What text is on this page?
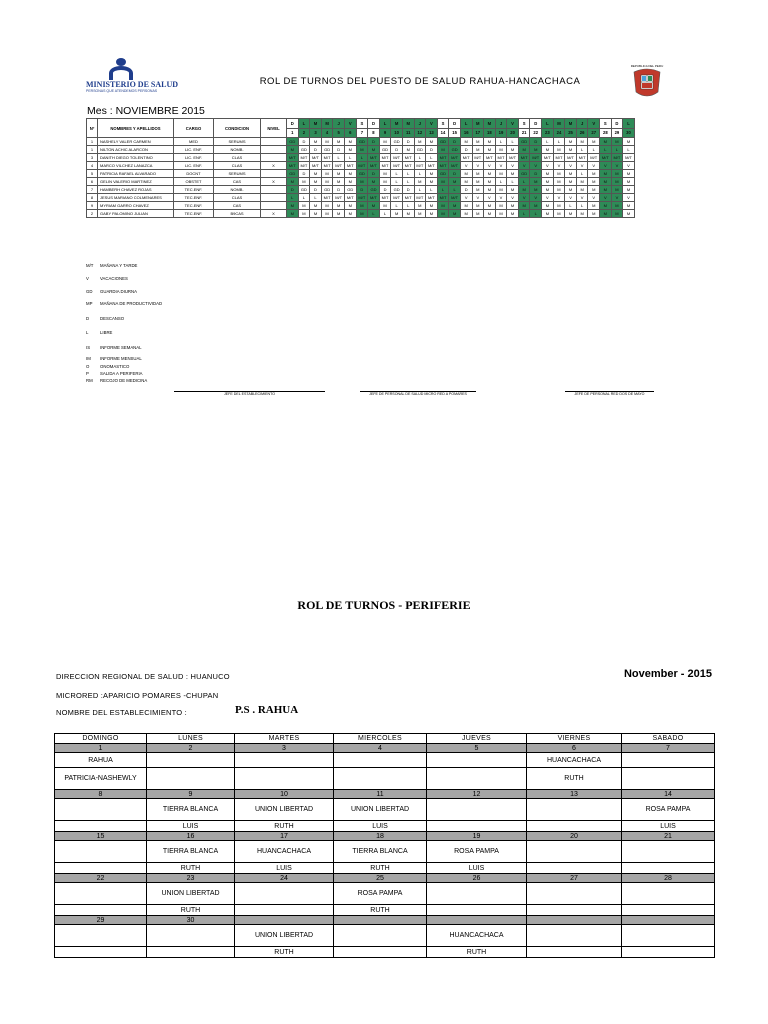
MINISTERIO DE SALUD
PERSONAS QUE ATENDEMOS PERSONAS
ROL DE TURNOS DEL PUESTO DE SALUD RAHUA-HANCACHACA
REPUBLICA DEL PERU
Mes : NOVIEMBRE 2015
Nº	NOMBRES Y APELLIDOS	CARGO	CONDICION	NIVEL	D	L	M	M	J	V	S	D	L	M	M	J	V	S	D	L	M	M	J	V	S	D	L	M	M	J	V	S	D	L
					1	2	3	4	5	6	7	8	9	10	11	12	13	14	15	16	17	18	19	20	21	22	23	24	25	26	27	28	29	30
1	NASHELY VALER CARMEN	MED	SERUMS		GD	D	M	M	M	M	GD	D	M	GD	D	M	M	GD	D	M	M	M	L	L	GD	D	L	L	M	M	M	M	M	M
1	NILTON ACHIC ALARCON	LIC. ENF.	NOMB.		M	GD	D	GD	D	M	M	M	GD	D	M	GD	D	M	GD	D	M	M	M	M	M	M	M	M	M	L	L	L	L	L
3	DANITH DIEGO TOLENTINO	LIC. ENF.	CLAS		M/T	M/T	M/T	M/T	L	L	L	M/T	M/T	M/T	M/T	L	L	M/T	M/T	M/T	M/T	M/T	M/T	M/T	M/T	M/T	M/T	M/T	M/T	M/T	M/T	M/T	M/T	M/T
4	MARCO VILCHEZ LANAZCA	LIC. ENF.	CLAS	X	M/T	M/T	M/T	M/T	M/T	M/T	M/T	M/T	M/T	M/T	M/T	M/T	M/T	M/T	M/T	V	V	V	V	V	V	V	V	V	V	V	V	V	V	V
5	PATRICIA RAFAEL ALVARADO	DOCNT	SERUMS		GD	D	M	M	M	M	GD	D	M	L	L	L	M	GD	D	M	M	M	M	M	GD	D	M	M	M	L	M	M	M	M
6	GELIN VALERIO MARTINEZ	OBSTET	CAS	X	M	M	M	M	M	M	M	M	M	L	L	M	M	M	M	M	M	M	L	L	L	M	M	M	M	M	M	M	M	M
7	HAMBERH CHAVEZ ROJAS	TEC.ENF.	NOMB.		D	GD	D	GD	D	GD	D	GD	D	GD	D	L	L	L	L	D	M	M	M	M	M	M	M	M	M	M	M	M	M	M
8	JESUS MARIANO COLMENARES	TEC.ENF.	CLAS		L	L	L	M/T	M/T	M/T	M/T	M/T	M/T	M/T	M/T	M/T	M/T	M/T	M/T	V	V	V	V	V	V	V	V	V	V	V	V	V	V	V
9	MYRIAM GARRO CHAVEZ	TEC.ENF.	CAS		M	M	M	M	M	M	M	M	M	L	L	M	M	M	M	M	M	M	M	M	M	M	M	M	L	L	M	M	M	M
2	GABY PALOMINO JULIAN	TEC.ENF.	B9CAS	X	M	M	M	M	M	M	M	L	L	M	M	M	M	M	M	M	M	M	M	M	L	L	M	M	M	M	M	M	M	M
M/T MAÑANA Y TARDE
V	VACACIONES
GD GUARDIA DIURNA
MP MAÑANA DE PRODUCTIVIDAD
D	DESCANSO
L	LIBRE
IS INFORME SEMANAL
IM INFORME MENSUAL
O ONOMASTICO
P	SALIDA A PERIFERIA
RM RECOJO DE MEDICINA
JEFE DEL ESTABLECIMIENTO	JEFE DE PERSONAL DE SALUD MICRO RED A POMARES	JEFE DE PERSONAL RED DOS DE MAYO
ROL DE TURNOS - PERIFERIE
DIRECCION REGIONAL DE SALUD : HUANUCO
MICRORED :APARICIO POMARES -CHUPAN
NOMBRE DEL ESTABLECIMIENTO :	P.S . RAHUA
November - 2015
DOMINGO	LUNES	MARTES	MIERCOLES	JUEVES	VIERNES	SABADO
1	2	3	4	5	6	7
RAHUA					HUANCACHACA	
PATRICIA-NASHEWLY					RUTH	
8	9	10	11	12	13	14
	TIERRA BLANCA	UNION LIBERTAD	UNION LIBERTAD			ROSA PAMPA
	LUIS	RUTH	LUIS			LUIS
15	16	17	18	19	20	21
	TIERRA BLANCA	HUANCACHACA	TIERRA BLANCA	ROSA PAMPA		
	RUTH	LUIS	RUTH	LUIS		
22	23	24	25	26	27	28
	UNION LIBERTAD		ROSA PAMPA			
	RUTH		RUTH			
29	30					
		UNION LIBERTAD		HUANCACHACA		
		RUTH		RUTH		
